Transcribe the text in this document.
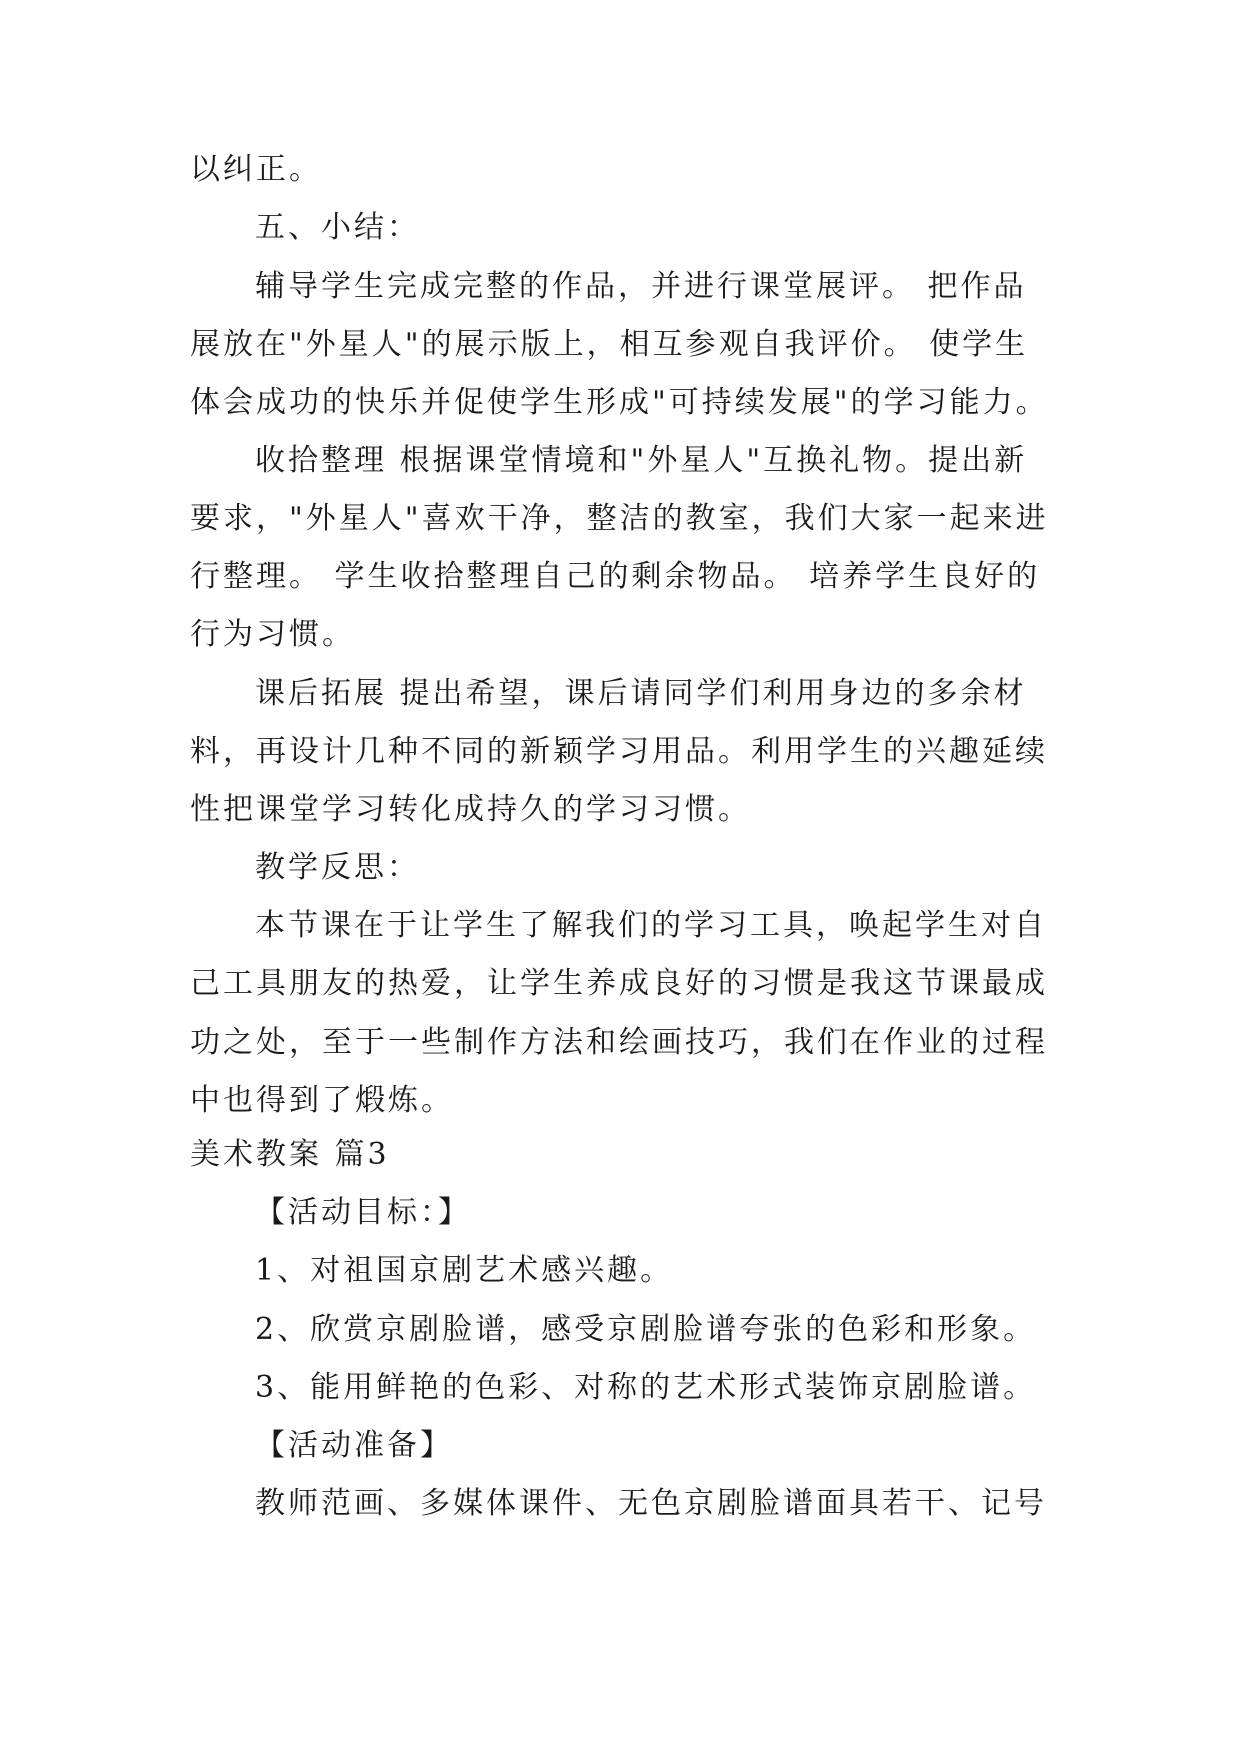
以纠正。
五、小结：
辅导学生完成完整的作品，并进行课堂展评。 把作品
展放在"外星人"的展示版上，相互参观自我评价。 使学生
体会成功的快乐并促使学生形成"可持续发展"的学习能力。
收拾整理 根据课堂情境和"外星人"互换礼物。提出新
要求，"外星人"喜欢干净，整洁的教室，我们大家一起来进
行整理。 学生收拾整理自己的剩余物品。 培养学生良好的
行为习惯。
课后拓展 提出希望，课后请同学们利用身边的多余材
料，再设计几种不同的新颖学习用品。利用学生的兴趣延续
性把课堂学习转化成持久的学习习惯。
教学反思：
本节课在于让学生了解我们的学习工具，唤起学生对自
己工具朋友的热爱，让学生养成良好的习惯是我这节课最成
功之处，至于一些制作方法和绘画技巧，我们在作业的过程
中也得到了煅炼。
美术教案 篇3
【活动目标：】
1、对祖国京剧艺术感兴趣。
2、欣赏京剧脸谱，感受京剧脸谱夸张的色彩和形象。
3、能用鲜艳的色彩、对称的艺术形式装饰京剧脸谱。
【活动准备】
教师范画、多媒体课件、无色京剧脸谱面具若干、记号
